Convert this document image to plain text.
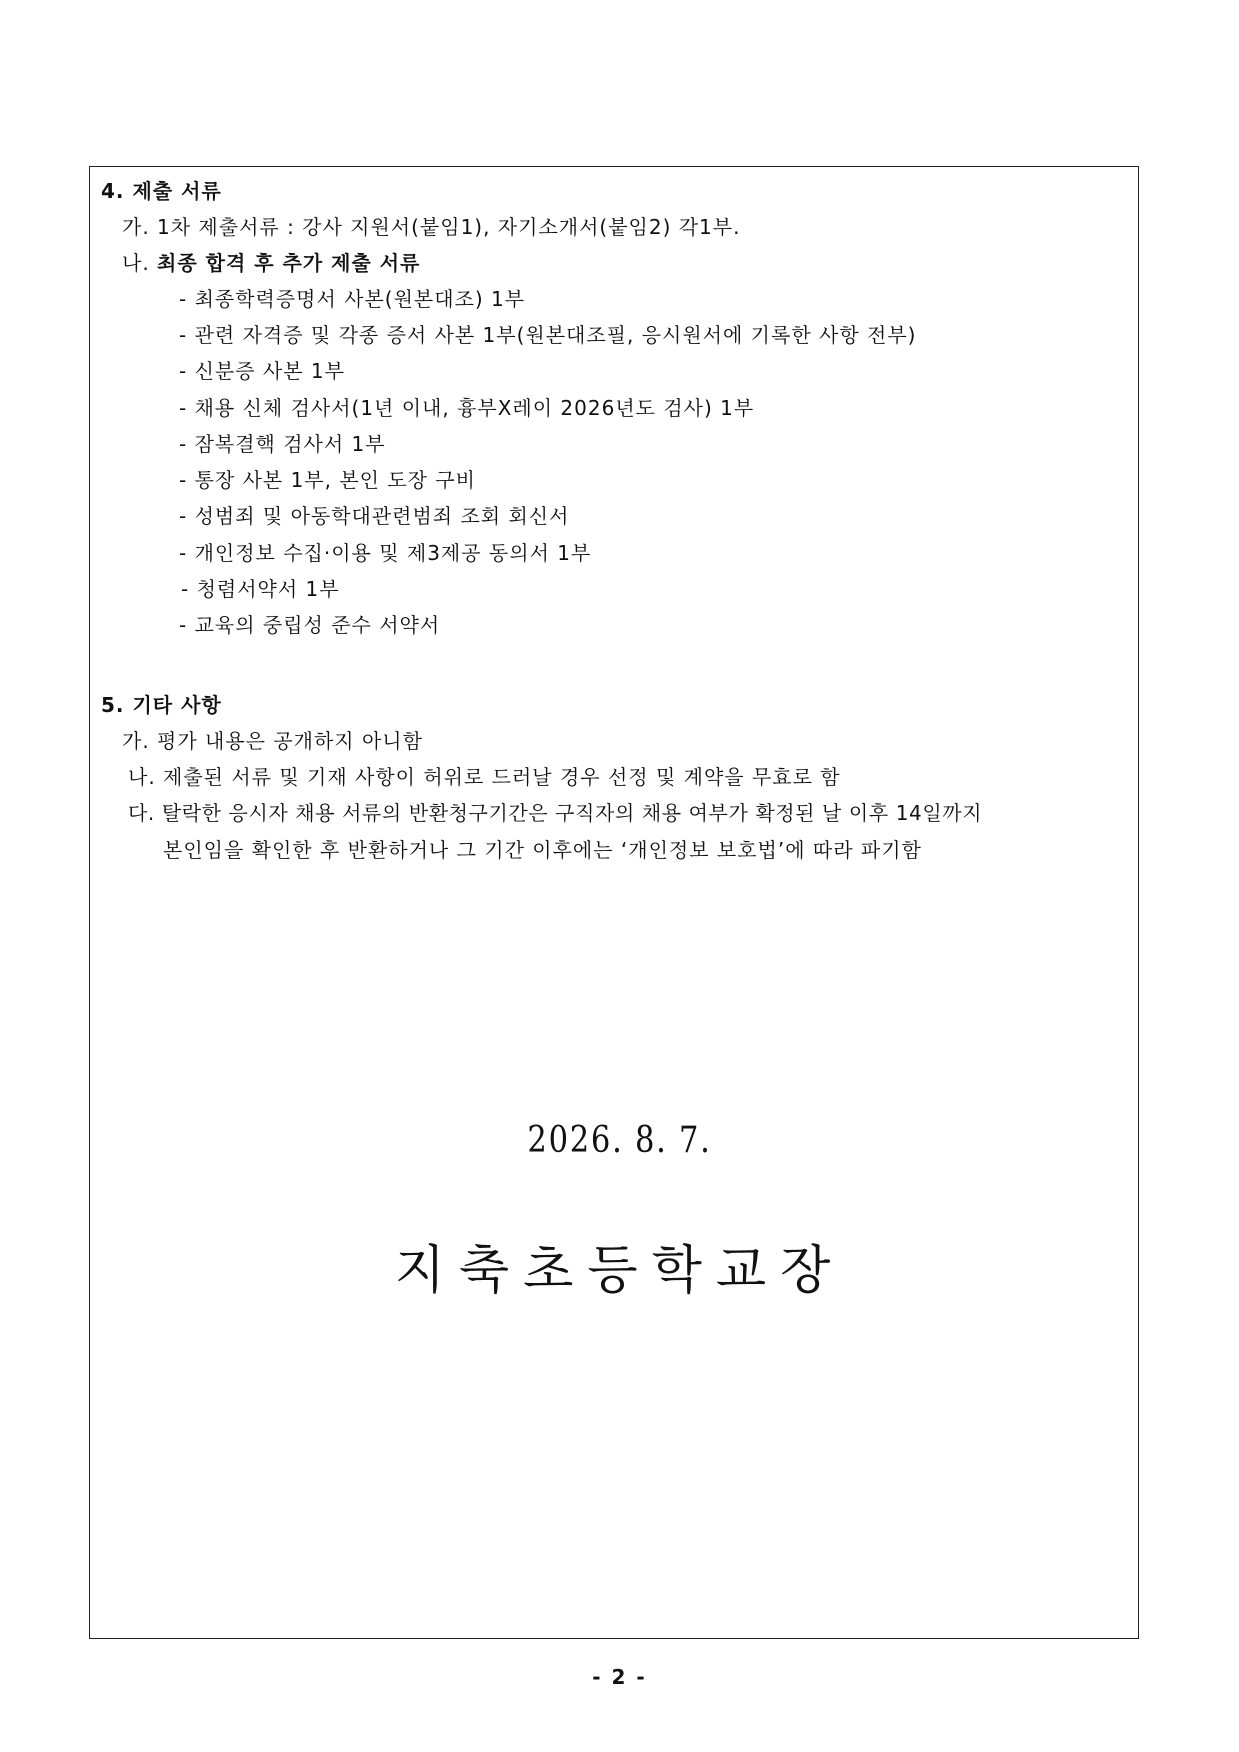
4. 제출 서류
가. 1차 제출서류 : 강사 지원서(붙임1), 자기소개서(붙임2) 각1부.
나. 최종 합격 후 추가 제출 서류
- 최종학력증명서 사본(원본대조) 1부
- 관련 자격증 및 각종 증서 사본 1부(원본대조필, 응시원서에 기록한 사항 전부)
- 신분증 사본 1부
- 채용 신체 검사서(1년 이내, 흉부X레이 2026년도 검사) 1부
- 잠복결핵 검사서 1부
- 통장 사본 1부, 본인 도장 구비
- 성범죄 및 아동학대관련범죄 조회 회신서
- 개인정보 수집·이용 및 제3제공 동의서 1부
- 청렴서약서 1부
- 교육의 중립성 준수 서약서
5. 기타 사항
가. 평가 내용은 공개하지 아니함
나. 제출된 서류 및 기재 사항이 허위로 드러날 경우 선정 및 계약을 무효로 함
다. 탈락한 응시자 채용 서류의 반환청구기간은 구직자의 채용 여부가 확정된 날 이후 14일까지
본인임을 확인한 후 반환하거나 그 기간 이후에는 ‘개인정보 보호법’에 따라 파기함
2026. 8. 7.
지축초등학교장
- 2 -
